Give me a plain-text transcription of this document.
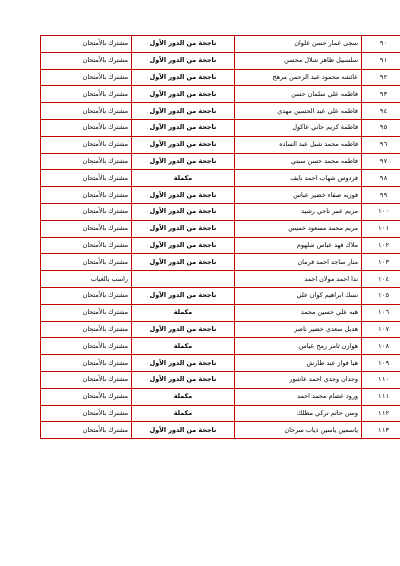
٩٠	سجى عمار حسن علوان	ناجحة من الدور الأول	مشترك بالأمتحان
٩١	سلسبيل ظاهر شلال محسن	ناجحة من الدور الأول	مشترك بالأمتحان
٩٢	عائشه محمود عبد الرحمن مرهج	ناجحة من الدور الأول	مشترك بالأمتحان
٩٣	فاطمه علي سلمان حسن	ناجحة من الدور الأول	مشترك بالأمتحان
٩٤	فاطمه علي عبد الحسين مهدي	ناجحة من الدور الأول	مشترك بالأمتحان
٩٥	فاطمة كريم جاني عاكول	ناجحة من الدور الأول	مشترك بالأمتحان
٩٦	فاطمه محمد شبل عبد الساده	ناجحة من الدور الأول	مشترك بالأمتحان
٩٧	فاطمه محمد حسن سبتي	ناجحة من الدور الأول	مشترك بالأمتحان
٩٨	فردوس شهاب احمد نايف	مكملة	مشترك بالأمتحان
٩٩	فوزيه صفاء خضير عباس	ناجحة من الدور الأول	مشترك بالأمتحان
١٠٠	مريم عمر ناجي رشيد	ناجحة من الدور الأول	مشترك بالأمتحان
١٠١	مريم محمد مسعود خميس	ناجحة من الدور الأول	مشترك بالأمتحان
١٠٢	ملاك فهد عباس شلهوم	ناجحة من الدور الأول	مشترك بالأمتحان
١٠٣	منار ساجد احمد فرمان	ناجحة من الدور الأول	مشترك بالأمتحان
١٠٤	ندا احمد مولان احمد		راسب بالغياب
١٠٥	نسك ابراهيم كوان علي	ناجحة من الدور الأول	مشترك بالأمتحان
١٠٦	هبه علي حسين محمد	مكملة	مشترك بالأمتحان
١٠٧	هديل سعدي خضير ناصر	ناجحة من الدور الأول	مشترك بالأمتحان
١٠٨	هوازن ثامر رمح عباس	مكملة	مشترك بالأمتحان
١٠٩	هيا فواز عبد طارش	ناجحة من الدور الأول	مشترك بالأمتحان
١١٠	وجدان وجدي احمد عاشور	ناجحة من الدور الأول	مشترك بالأمتحان
١١١	ورود عصام محمد احمد	مكملة	مشترك بالأمتحان
١١٢	وسن حاتم تركي مطلك	مكملة	مشترك بالأمتحان
١١٣	ياسمين ياسين ذياب سرحان	ناجحة من الدور الأول	مشترك بالأمتحان
